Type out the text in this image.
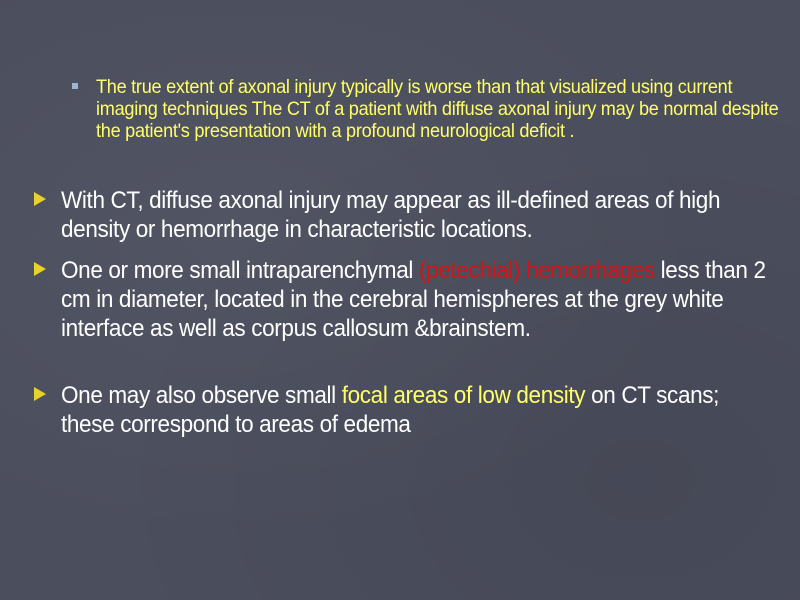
The true extent of axonal injury typically is worse than that visualized using current imaging techniques The CT of a patient with diffuse axonal injury may be normal despite the patient's presentation with a profound neurological deficit .
With CT, diffuse axonal injury may appear as ill-defined areas of high density or hemorrhage in characteristic locations.
One or more small intraparenchymal (petechial) hemorrhages less than 2 cm in diameter, located in the cerebral hemispheres at the grey white interface as well as corpus callosum &brainstem.
One may also observe small focal areas of low density on CT scans; these correspond to areas of edema
